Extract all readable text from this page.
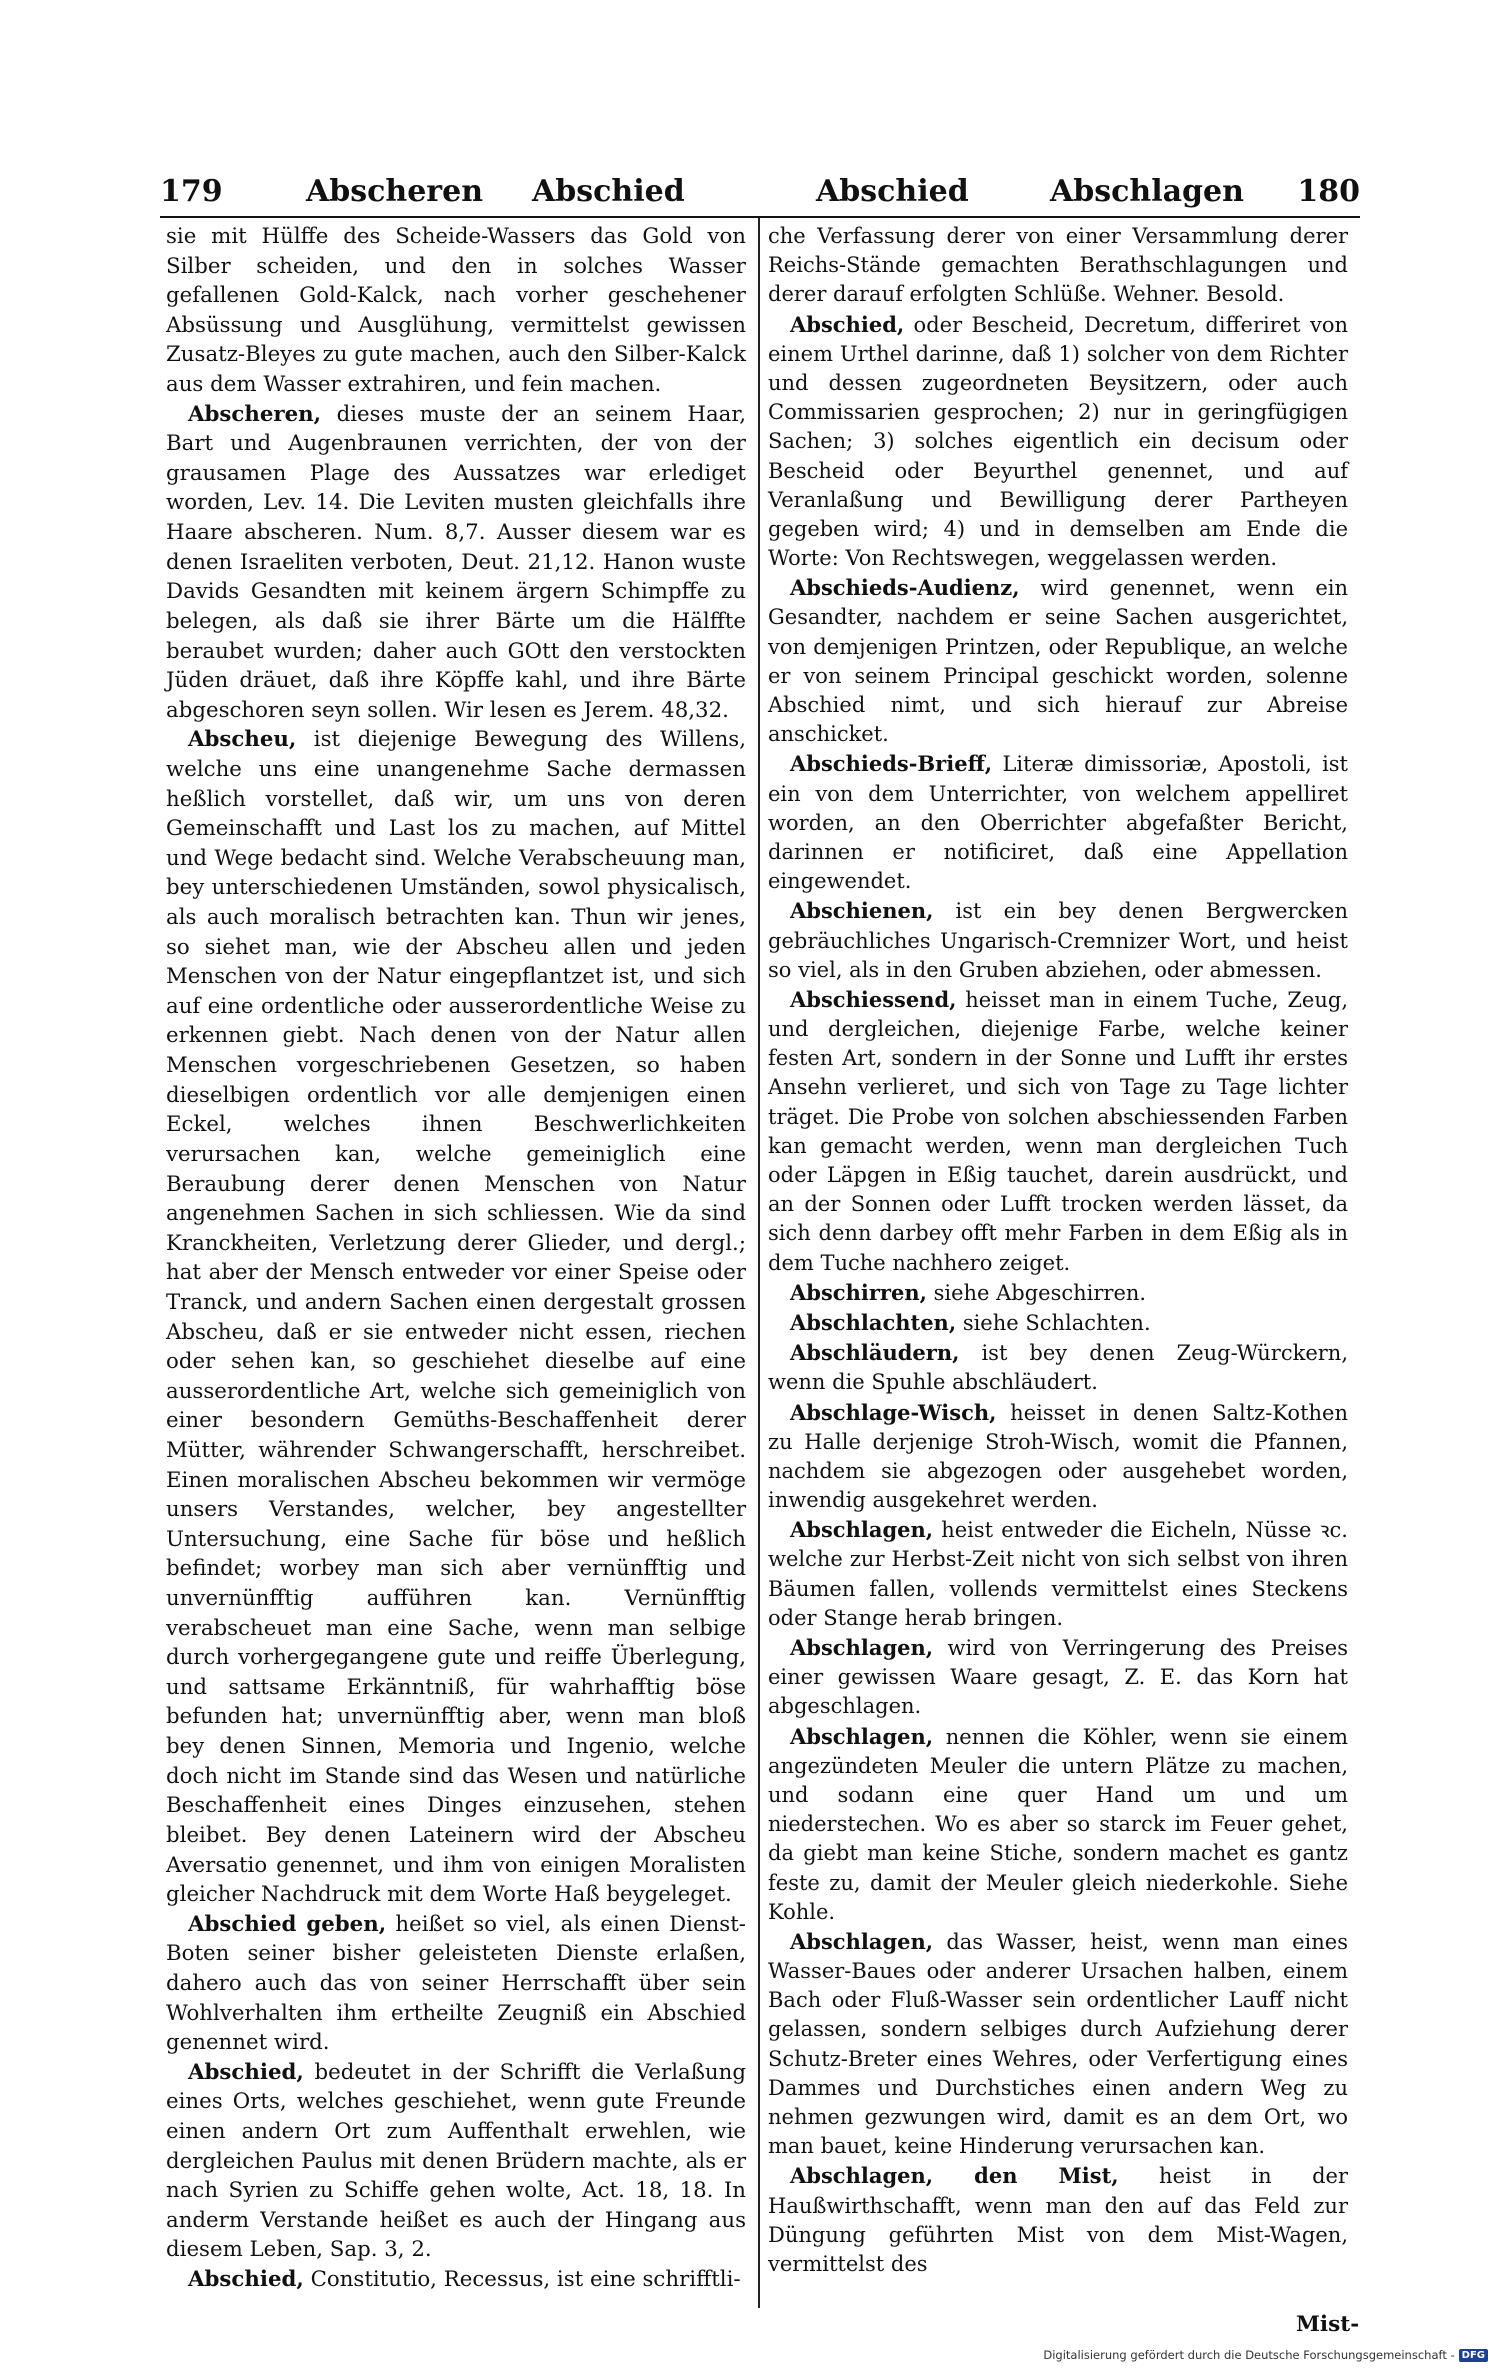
179	Abscheren Abschied	Abschied	Abschlagen 180

sie mit Hülffe des Scheide-Wassers das Gold von Silber scheiden, und den in solches Wasser gefallenen Gold-Kalck, nach vorher geschehener Absüssung und Ausglühung, vermittelst gewissen Zusatz-Bleyes zu gute machen, auch den Silber-Kalck aus dem Wasser extrahiren, und fein machen.

Abscheren, dieses muste der an seinem Haar, Bart und Augenbraunen verrichten, der von der grausamen Plage des Aussatzes war erlediget worden, Lev. 14. Die Leviten musten gleichfalls ihre Haare abscheren. Num. 8,7. Ausser diesem war es denen Israeliten verboten, Deut. 21,12. Hanon wuste Davids Gesandten mit keinem ärgern Schimpffe zu belegen, als daß sie ihrer Bärte um die Hälffte beraubet wurden; daher auch GOtt den verstockten Jüden dräuet, daß ihre Köpffe kahl, und ihre Bärte abgeschoren seyn sollen. Wir lesen es Jerem. 48,32.

Abscheu, ist diejenige Bewegung des Willens, welche uns eine unangenehme Sache dermassen heßlich vorstellet, daß wir, um uns von deren Gemeinschafft und Last los zu machen, auf Mittel und Wege bedacht sind. Welche Verabscheuung man, bey unterschiedenen Umständen, sowol physicalisch, als auch moralisch betrachten kan. Thun wir jenes, so siehet man, wie der Abscheu allen und jeden Menschen von der Natur eingepflantzet ist, und sich auf eine ordentliche oder ausserordentliche Weise zu erkennen giebt. Nach denen von der Natur allen Menschen vorgeschriebenen Gesetzen, so haben dieselbigen ordentlich vor alle demjenigen einen Eckel, welches ihnen Beschwerlichkeiten verursachen kan, welche gemeiniglich eine Beraubung derer denen Menschen von Natur angenehmen Sachen in sich schliessen. Wie da sind Kranckheiten, Verletzung derer Glieder, und dergl.; hat aber der Mensch entweder vor einer Speise oder Tranck, und andern Sachen einen dergestalt grossen Abscheu, daß er sie entweder nicht essen, riechen oder sehen kan, so geschiehet dieselbe auf eine ausserordentliche Art, welche sich gemeiniglich von einer besondern Gemüths-Beschaffenheit derer Mütter, währender Schwangerschafft, herschreibet. Einen moralischen Abscheu bekommen wir vermöge unsers Verstandes, welcher, bey angestellter Untersuchung, eine Sache für böse und heßlich befindet; worbey man sich aber vernünfftig und unvernünfftig aufführen kan. Vernünfftig verabscheuet man eine Sache, wenn man selbige durch vorhergegangene gute und reiffe Überlegung, und sattsame Erkänntniß, für wahrhafftig böse befunden hat; unvernünfftig aber, wenn man bloß bey denen Sinnen, Memoria und Ingenio, welche doch nicht im Stande sind das Wesen und natürliche Beschaffenheit eines Dinges einzusehen, stehen bleibet. Bey denen Lateinern wird der Abscheu Aversatio genennet, und ihm von einigen Moralisten gleicher Nachdruck mit dem Worte Haß beygeleget.

Abschied geben, heißet so viel, als einen Dienst-Boten seiner bisher geleisteten Dienste erlaßen, dahero auch das von seiner Herrschafft über sein Wohlverhalten ihm ertheilte Zeugniß ein Abschied genennet wird.

Abschied, bedeutet in der Schrifft die Verlaßung eines Orts, welches geschiehet, wenn gute Freunde einen andern Ort zum Auffenthalt erwehlen, wie dergleichen Paulus mit denen Brüdern machte, als er nach Syrien zu Schiffe gehen wolte, Act. 18, 18. In anderm Verstande heißet es auch der Hingang aus diesem Leben, Sap. 3, 2.

Abschied, Constitutio, Recessus, ist eine schrifftli-

che Verfassung derer von einer Versammlung derer Reichs-Stände gemachten Berathschlagungen und derer darauf erfolgten Schlüße. Wehner. Besold.

Abschied, oder Bescheid, Decretum, differiret von einem Urthel darinne, daß 1) solcher von dem Richter und dessen zugeordneten Beysitzern, oder auch Commissarien gesprochen; 2) nur in geringfügigen Sachen; 3) solches eigentlich ein decisum oder Bescheid oder Beyurthel genennet, und auf Veranlaßung und Bewilligung derer Partheyen gegeben wird; 4) und in demselben am Ende die Worte: Von Rechtswegen, weggelassen werden.

Abschieds-Audienz, wird genennet, wenn ein Gesandter, nachdem er seine Sachen ausgerichtet, von demjenigen Printzen, oder Republique, an welche er von seinem Principal geschickt worden, solenne Abschied nimt, und sich hierauf zur Abreise anschicket.

Abschieds-Brieff, Literæ dimissoriæ, Apostoli, ist ein von dem Unterrichter, von welchem appelliret worden, an den Oberrichter abgefaßter Bericht, darinnen er notificiret, daß eine Appellation eingewendet.

Abschienen, ist ein bey denen Bergwercken gebräuchliches Ungarisch-Cremnizer Wort, und heist so viel, als in den Gruben abziehen, oder abmessen.

Abschiessend, heisset man in einem Tuche, Zeug, und dergleichen, diejenige Farbe, welche keiner festen Art, sondern in der Sonne und Lufft ihr erstes Ansehn verlieret, und sich von Tage zu Tage lichter träget. Die Probe von solchen abschiessenden Farben kan gemacht werden, wenn man dergleichen Tuch oder Läpgen in Eßig tauchet, darein ausdrückt, und an der Sonnen oder Lufft trocken werden lässet, da sich denn darbey offt mehr Farben in dem Eßig als in dem Tuche nachhero zeiget.

Abschirren, siehe Abgeschirren.

Abschlachten, siehe Schlachten.

Abschläudern, ist bey denen Zeug-Würckern, wenn die Spuhle abschläudert.

Abschlage-Wisch, heisset in denen Saltz-Kothen zu Halle derjenige Stroh-Wisch, womit die Pfannen, nachdem sie abgezogen oder ausgehebet worden, inwendig ausgekehret werden.

Abschlagen, heist entweder die Eicheln, Nüsse ꝛc. welche zur Herbst-Zeit nicht von sich selbst von ihren Bäumen fallen, vollends vermittelst eines Steckens oder Stange herab bringen.

Abschlagen, wird von Verringerung des Preises einer gewissen Waare gesagt, Z. E. das Korn hat abgeschlagen.

Abschlagen, nennen die Köhler, wenn sie einem angezündeten Meuler die untern Plätze zu machen, und sodann eine quer Hand um und um niederstechen. Wo es aber so starck im Feuer gehet, da giebt man keine Stiche, sondern machet es gantz feste zu, damit der Meuler gleich niederkohle. Siehe Kohle.

Abschlagen, das Wasser, heist, wenn man eines Wasser-Baues oder anderer Ursachen halben, einem Bach oder Fluß-Wasser sein ordentlicher Lauff nicht gelassen, sondern selbiges durch Aufziehung derer Schutz-Breter eines Wehres, oder Verfertigung eines Dammes und Durchstiches einen andern Weg zu nehmen gezwungen wird, damit es an dem Ort, wo man bauet, keine Hinderung verursachen kan.

Abschlagen, den Mist, heist in der Haußwirthschafft, wenn man den auf das Feld zur Düngung geführten Mist von dem Mist-Wagen, vermittelst des

Mist-
Digitalisierung gefördert durch die Deutsche Forschungsgemeinschaft - DFG
